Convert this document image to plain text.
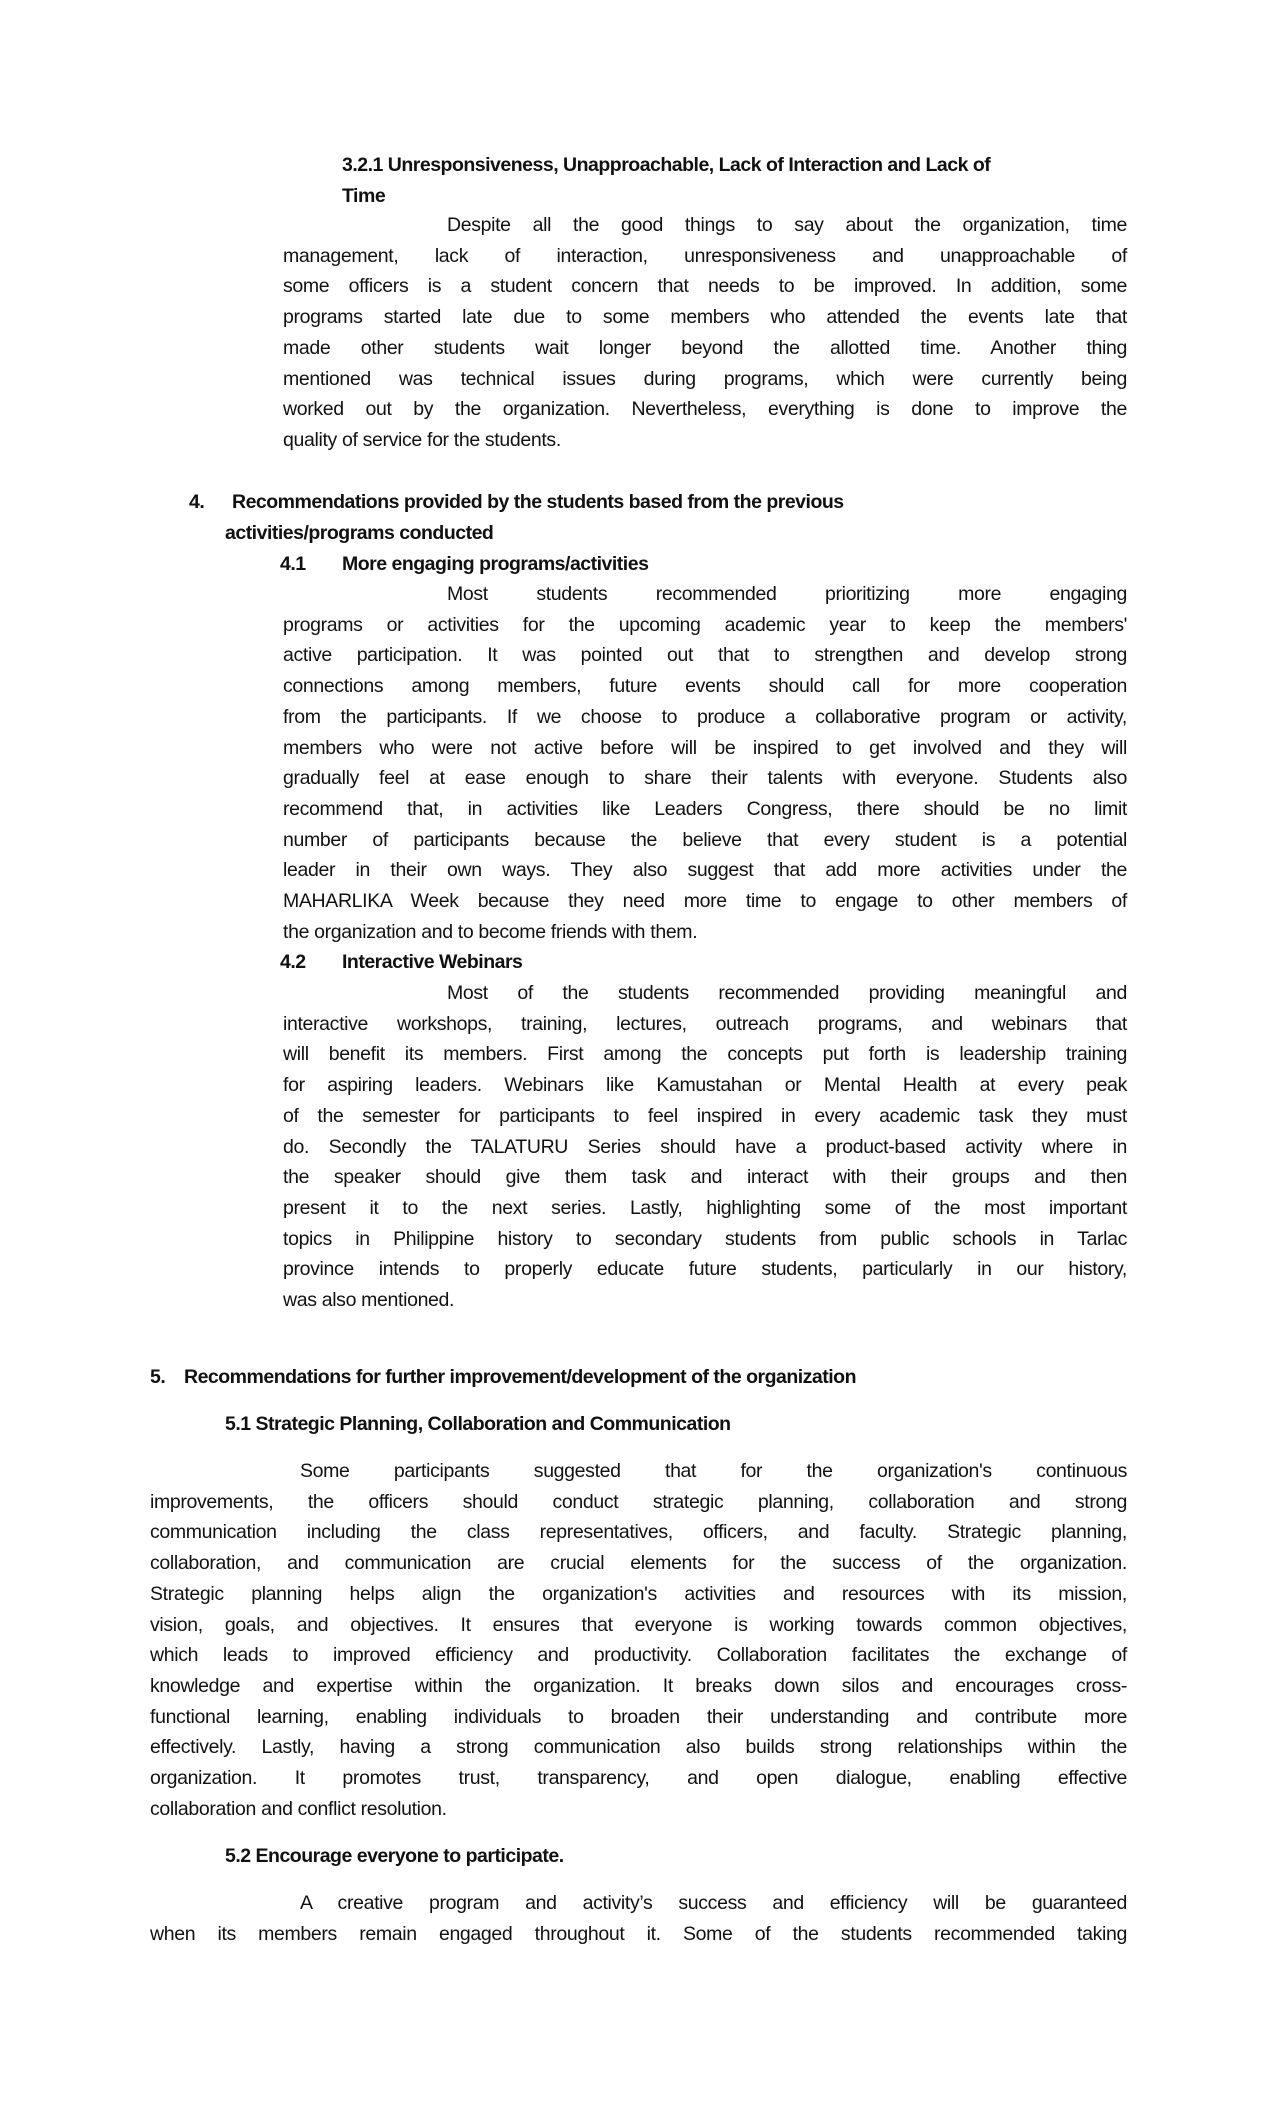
3.2.1 Unresponsiveness, Unapproachable, Lack of Interaction and Lack of
Time
Despite all the good things to say about the organization, time
management, lack of interaction, unresponsiveness and unapproachable of
some officers is a student concern that needs to be improved. In addition, some
programs started late due to some members who attended the events late that
made other students wait longer beyond the allotted time. Another thing
mentioned was technical issues during programs, which were currently being
worked out by the organization. Nevertheless, everything is done to improve the
quality of service for the students.
4. Recommendations provided by the students based from the previous
activities/programs conducted
4.1 More engaging programs/activities
Most students recommended prioritizing more engaging
programs or activities for the upcoming academic year to keep the members'
active participation. It was pointed out that to strengthen and develop strong
connections among members, future events should call for more cooperation
from the participants. If we choose to produce a collaborative program or activity,
members who were not active before will be inspired to get involved and they will
gradually feel at ease enough to share their talents with everyone. Students also
recommend that, in activities like Leaders Congress, there should be no limit
number of participants because the believe that every student is a potential
leader in their own ways. They also suggest that add more activities under the
MAHARLIKA Week because they need more time to engage to other members of
the organization and to become friends with them.
4.2 Interactive Webinars
Most of the students recommended providing meaningful and
interactive workshops, training, lectures, outreach programs, and webinars that
will benefit its members. First among the concepts put forth is leadership training
for aspiring leaders. Webinars like Kamustahan or Mental Health at every peak
of the semester for participants to feel inspired in every academic task they must
do. Secondly the TALATURU Series should have a product-based activity where in
the speaker should give them task and interact with their groups and then
present it to the next series. Lastly, highlighting some of the most important
topics in Philippine history to secondary students from public schools in Tarlac
province intends to properly educate future students, particularly in our history,
was also mentioned.
5. Recommendations for further improvement/development of the organization
5.1 Strategic Planning, Collaboration and Communication
Some participants suggested that for the organization's continuous
improvements, the officers should conduct strategic planning, collaboration and strong
communication including the class representatives, officers, and faculty. Strategic planning,
collaboration, and communication are crucial elements for the success of the organization.
Strategic planning helps align the organization's activities and resources with its mission,
vision, goals, and objectives. It ensures that everyone is working towards common objectives,
which leads to improved efficiency and productivity. Collaboration facilitates the exchange of
knowledge and expertise within the organization. It breaks down silos and encourages cross-
functional learning, enabling individuals to broaden their understanding and contribute more
effectively. Lastly, having a strong communication also builds strong relationships within the
organization. It promotes trust, transparency, and open dialogue, enabling effective
collaboration and conflict resolution.
5.2 Encourage everyone to participate.
A creative program and activity’s success and efficiency will be guaranteed
when its members remain engaged throughout it. Some of the students recommended taking
